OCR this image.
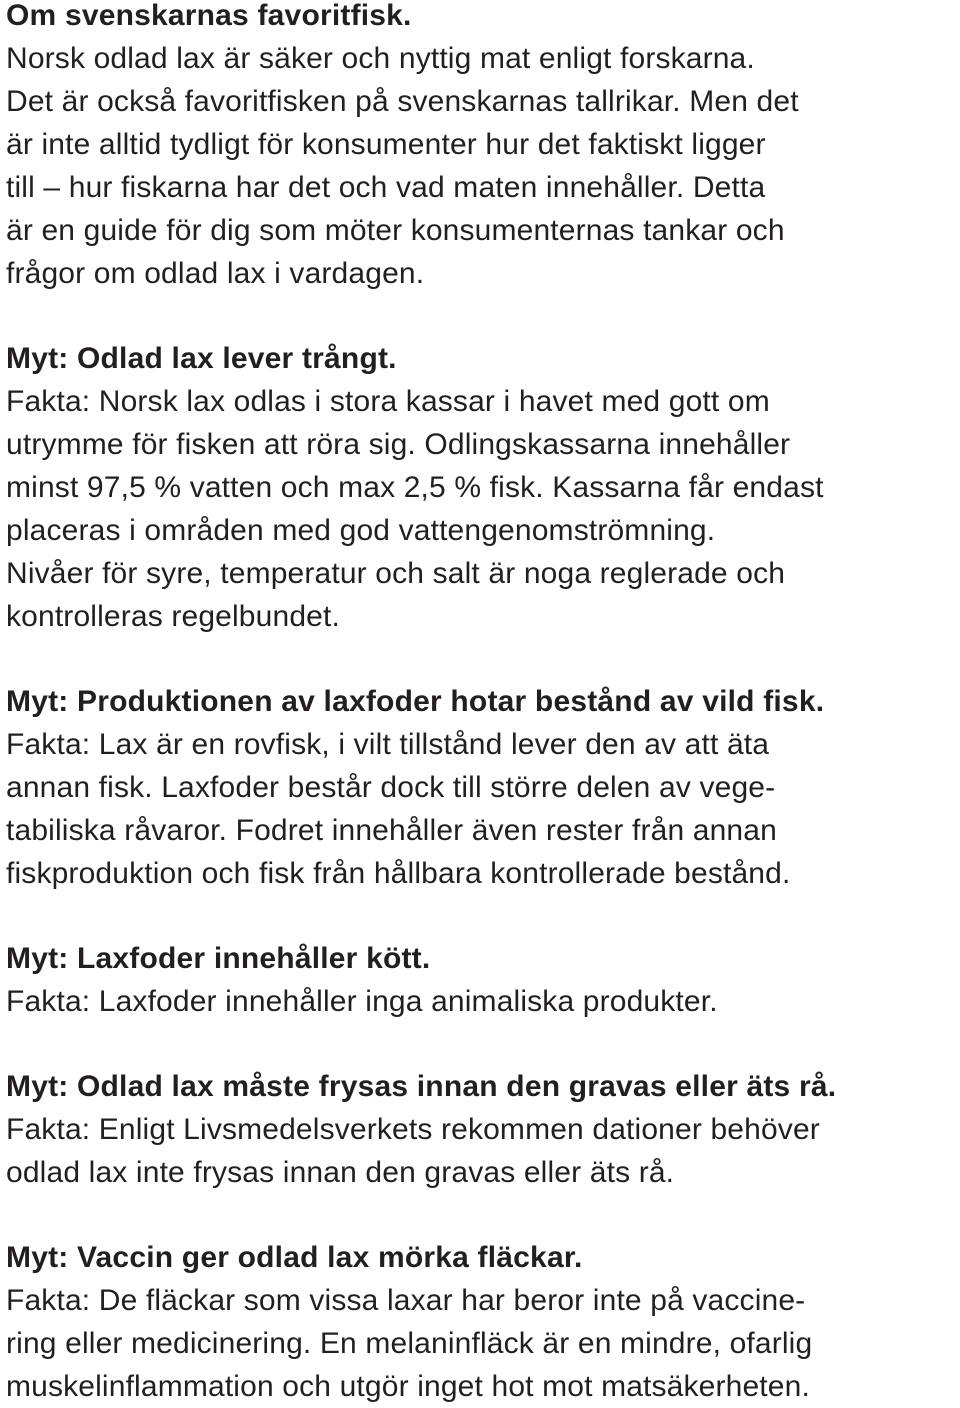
Om svenskarnas favoritfisk.
Norsk odlad lax är säker och nyttig mat enligt forskarna.
Det är också favoritfisken på svenskarnas tallrikar. Men det
är inte alltid tydligt för konsumenter hur det faktiskt ligger
till – hur fiskarna har det och vad maten innehåller. Detta
är en guide för dig som möter konsumenternas tankar och
frågor om odlad lax i vardagen.
Myt: Odlad lax lever trångt.
Fakta: Norsk lax odlas i stora kassar i havet med gott om
utrymme för fisken att röra sig. Odlingskassarna innehåller
minst 97,5 % vatten och max 2,5 % fisk. Kassarna får endast
placeras i områden med god vattengenomströmning.
Nivåer för syre, temperatur och salt är noga reglerade och
kontrolleras regelbundet.
Myt: Produktionen av laxfoder hotar bestånd av vild fisk.
Fakta: Lax är en rovfisk, i vilt tillstånd lever den av att äta
annan fisk. Laxfoder består dock till större delen av vege-
tabiliska råvaror. Fodret innehåller även rester från annan
fiskproduktion och fisk från hållbara kontrollerade bestånd.
Myt: Laxfoder innehåller kött.
Fakta: Laxfoder innehåller inga animaliska produkter.
Myt: Odlad lax måste frysas innan den gravas eller äts rå.
Fakta: Enligt Livsmedelsverkets rekommen dationer behöver
odlad lax inte frysas innan den gravas eller äts rå.
Myt: Vaccin ger odlad lax mörka fläckar.
Fakta: De fläckar som vissa laxar har beror inte på vaccine-
ring eller medicinering. En melaninfläck är en mindre, ofarlig
muskelinflammation och utgör inget hot mot matsäkerheten.
